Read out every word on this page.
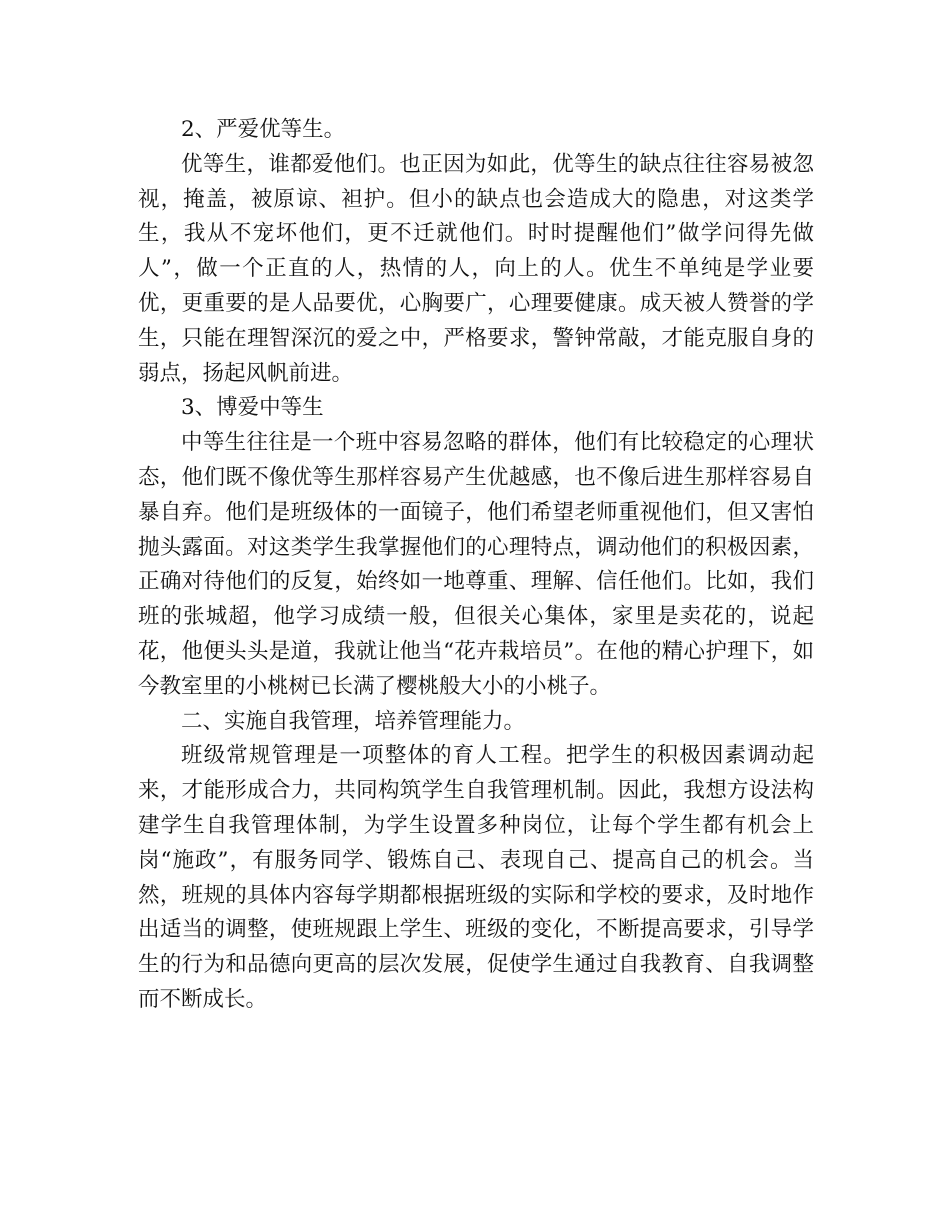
2、严爱优等生。

优等生，谁都爱他们。也正因为如此，优等生的缺点往往容易被忽视，掩盖，被原谅、袒护。但小的缺点也会造成大的隐患，对这类学生，我从不宠坏他们，更不迁就他们。时时提醒他们”做学问得先做人”，做一个正直的人，热情的人，向上的人。优生不单纯是学业要优，更重要的是人品要优，心胸要广，心理要健康。成天被人赞誉的学生，只能在理智深沉的爱之中，严格要求，警钟常敲，才能克服自身的弱点，扬起风帆前进。

3、博爱中等生

中等生往往是一个班中容易忽略的群体，他们有比较稳定的心理状态，他们既不像优等生那样容易产生优越感，也不像后进生那样容易自暴自弃。他们是班级体的一面镜子，他们希望老师重视他们，但又害怕抛头露面。对这类学生我掌握他们的心理特点，调动他们的积极因素，正确对待他们的反复，始终如一地尊重、理解、信任他们。比如，我们班的张城超，他学习成绩一般，但很关心集体，家里是卖花的，说起花，他便头头是道，我就让他当“花卉栽培员”。在他的精心护理下，如今教室里的小桃树已长满了樱桃般大小的小桃子。

二、实施自我管理，培养管理能力。

班级常规管理是一项整体的育人工程。把学生的积极因素调动起来，才能形成合力，共同构筑学生自我管理机制。因此，我想方设法构建学生自我管理体制，为学生设置多种岗位，让每个学生都有机会上岗“施政”，有服务同学、锻炼自己、表现自己、提高自己的机会。当然，班规的具体内容每学期都根据班级的实际和学校的要求，及时地作出适当的调整，使班规跟上学生、班级的变化，不断提高要求，引导学生的行为和品德向更高的层次发展，促使学生通过自我教育、自我调整而不断成长。
